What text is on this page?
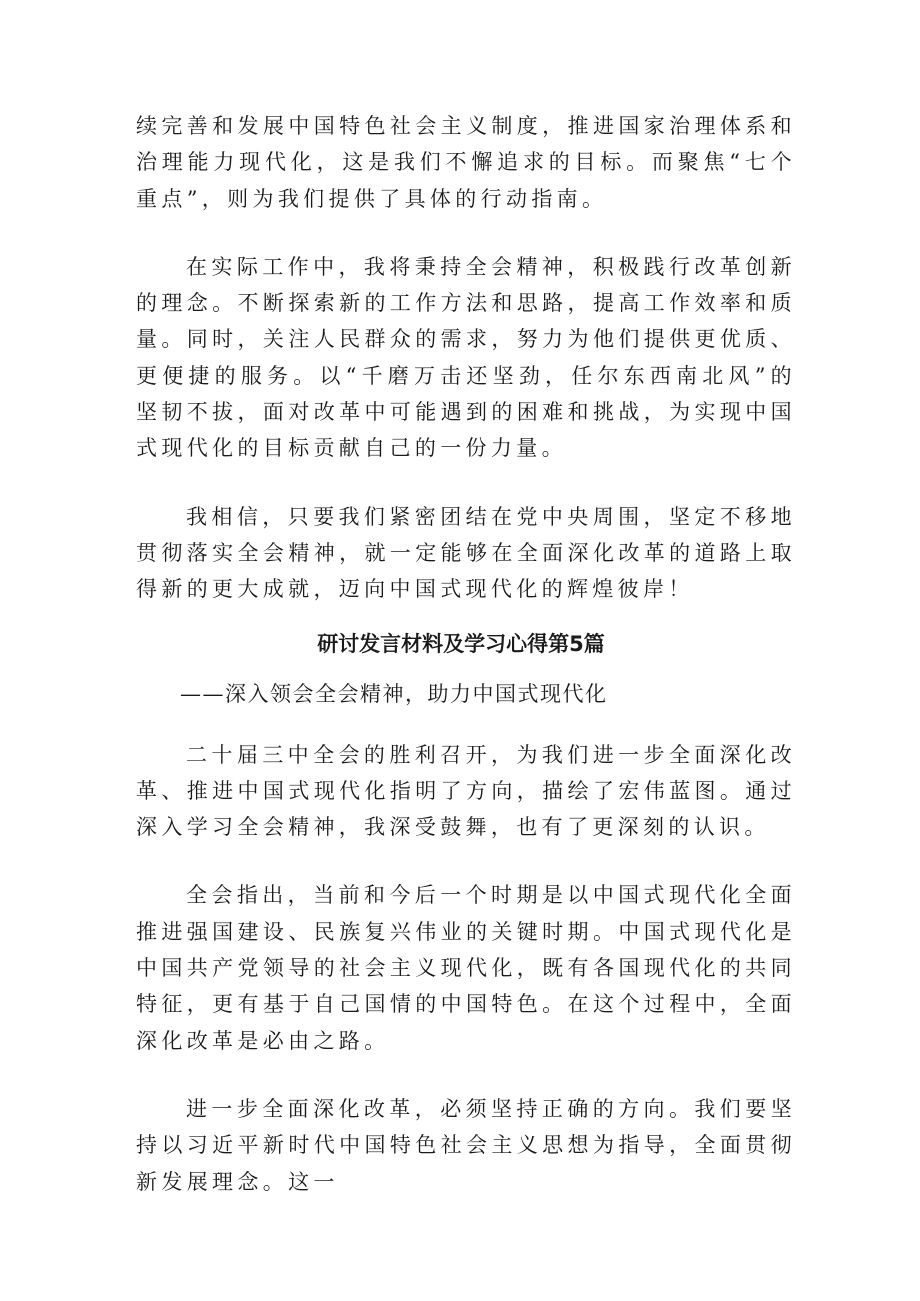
续完善和发展中国特色社会主义制度，推进国家治理体系和治理能力现代化，这是我们不懈追求的目标。而聚焦“七个重点”，则为我们提供了具体的行动指南。

在实际工作中，我将秉持全会精神，积极践行改革创新的理念。不断探索新的工作方法和思路，提高工作效率和质量。同时，关注人民群众的需求，努力为他们提供更优质、更便捷的服务。以“千磨万击还坚劲，任尔东西南北风”的坚韧不拔，面对改革中可能遇到的困难和挑战，为实现中国式现代化的目标贡献自己的一份力量。

我相信，只要我们紧密团结在党中央周围，坚定不移地贯彻落实全会精神，就一定能够在全面深化改革的道路上取得新的更大成就，迈向中国式现代化的辉煌彼岸！

研讨发言材料及学习心得第5篇

——深入领会全会精神，助力中国式现代化

二十届三中全会的胜利召开，为我们进一步全面深化改革、推进中国式现代化指明了方向，描绘了宏伟蓝图。通过深入学习全会精神，我深受鼓舞，也有了更深刻的认识。

全会指出，当前和今后一个时期是以中国式现代化全面推进强国建设、民族复兴伟业的关键时期。中国式现代化是中国共产党领导的社会主义现代化，既有各国现代化的共同特征，更有基于自己国情的中国特色。在这个过程中，全面深化改革是必由之路。

进一步全面深化改革，必须坚持正确的方向。我们要坚持以习近平新时代中国特色社会主义思想为指导，全面贯彻新发展理念。这一
